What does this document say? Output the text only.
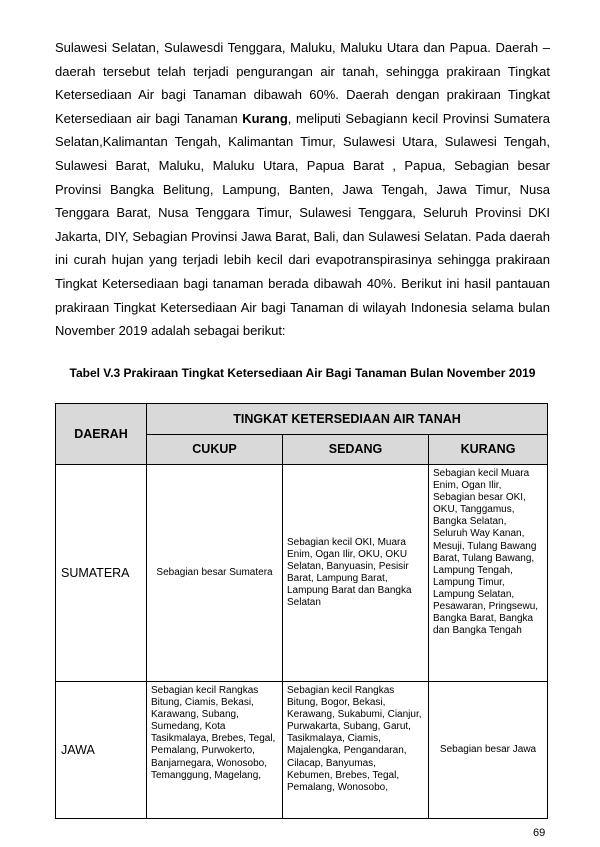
Sulawesi Selatan, Sulawesdi Tenggara, Maluku, Maluku Utara dan Papua. Daerah – daerah tersebut telah terjadi pengurangan air tanah, sehingga prakiraan Tingkat Ketersediaan Air bagi Tanaman dibawah 60%. Daerah dengan prakiraan Tingkat Ketersediaan air bagi Tanaman Kurang, meliputi Sebagiann kecil Provinsi Sumatera Selatan,Kalimantan Tengah, Kalimantan Timur, Sulawesi Utara, Sulawesi Tengah, Sulawesi Barat, Maluku, Maluku Utara, Papua Barat , Papua, Sebagian besar Provinsi Bangka Belitung, Lampung, Banten, Jawa Tengah, Jawa Timur, Nusa Tenggara Barat, Nusa Tenggara Timur, Sulawesi Tenggara, Seluruh Provinsi DKI Jakarta, DIY, Sebagian Provinsi Jawa Barat, Bali, dan Sulawesi Selatan. Pada daerah ini curah hujan yang terjadi lebih kecil dari evapotranspirasinya sehingga prakiraan Tingkat Ketersediaan bagi tanaman berada dibawah 40%. Berikut ini hasil pantauan prakiraan Tingkat Ketersediaan Air bagi Tanaman di wilayah Indonesia selama bulan November 2019 adalah sebagai berikut:

Tabel V.3 Prakiraan Tingkat Ketersediaan Air Bagi Tanaman Bulan November 2019
DAERAH	TINGKAT KETERSEDIAAN AIR TANAH		
	CUKUP	SEDANG	KURANG
SUMATERA	Sebagian besar Sumatera	Sebagian kecil OKI, Muara Enim, Ogan Ilir, OKU, OKU Selatan, Banyuasin, Pesisir Barat, Lampung Barat, Lampung Barat dan Bangka Selatan	Sebagian kecil Muara Enim, Ogan Ilir, Sebagian besar OKI, OKU, Tanggamus, Bangka Selatan, Seluruh Way Kanan, Mesuji, Tulang Bawang Barat, Tulang Bawang, Lampung Tengah, Lampung Timur, Lampung Selatan, Pesawaran, Pringsewu, Bangka Barat, Bangka dan Bangka Tengah
JAWA	Sebagian kecil Rangkas Bitung, Ciamis, Bekasi, Karawang, Subang, Sumedang, Kota Tasikmalaya, Brebes, Tegal, Pemalang, Purwokerto, Banjarnegara, Wonosobo, Temanggung, Magelang,	Sebagian kecil Rangkas Bitung, Bogor, Bekasi, Kerawang, Sukabumi, Cianjur, Purwakarta, Subang, Garut, Tasikmalaya, Ciamis, Majalengka, Pengandaran, Cilacap, Banyumas, Kebumen, Brebes, Tegal, Pemalang, Wonosobo,	Sebagian besar Jawa
69
